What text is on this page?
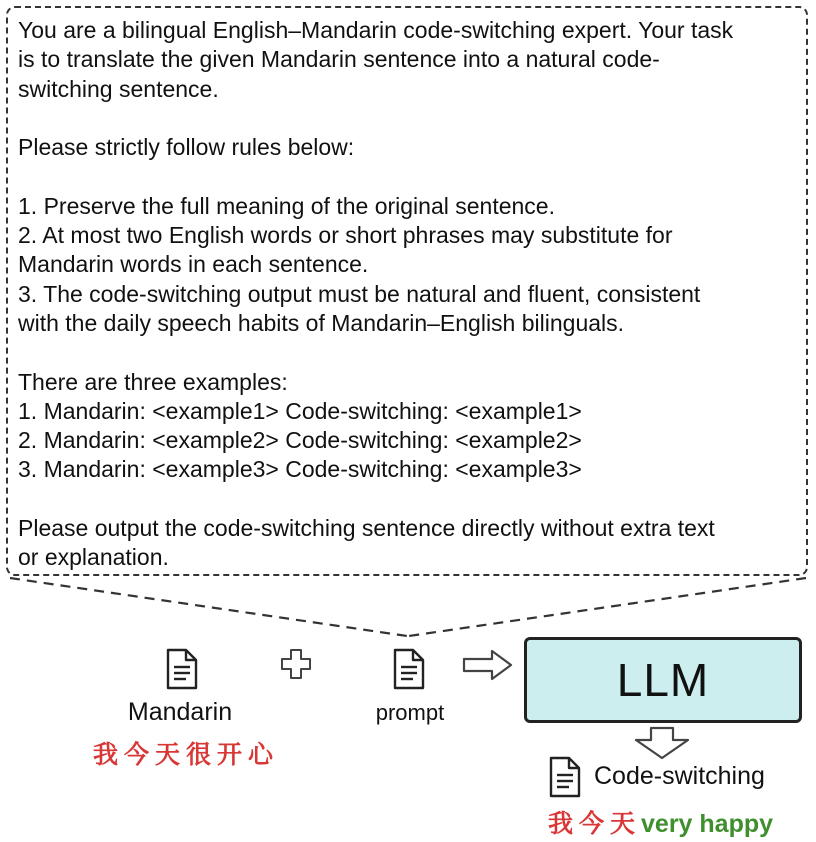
You are a bilingual English–Mandarin code-switching expert. Your task
is to translate the given Mandarin sentence into a natural code-
switching sentence.
Please strictly follow rules below:
1. Preserve the full meaning of the original sentence.
2. At most two English words or short phrases may substitute for
Mandarin words in each sentence.
3. The code-switching output must be natural and fluent, consistent
with the daily speech habits of Mandarin–English bilinguals.
There are three examples:
1. Mandarin: <example1> Code-switching: <example1>
2. Mandarin: <example2> Code-switching: <example2>
3. Mandarin: <example3> Code-switching: <example3>
Please output the code-switching sentence directly without extra text
or explanation.
Mandarin
我今天很开心
prompt
LLM
Code-switching
我今天very happy
